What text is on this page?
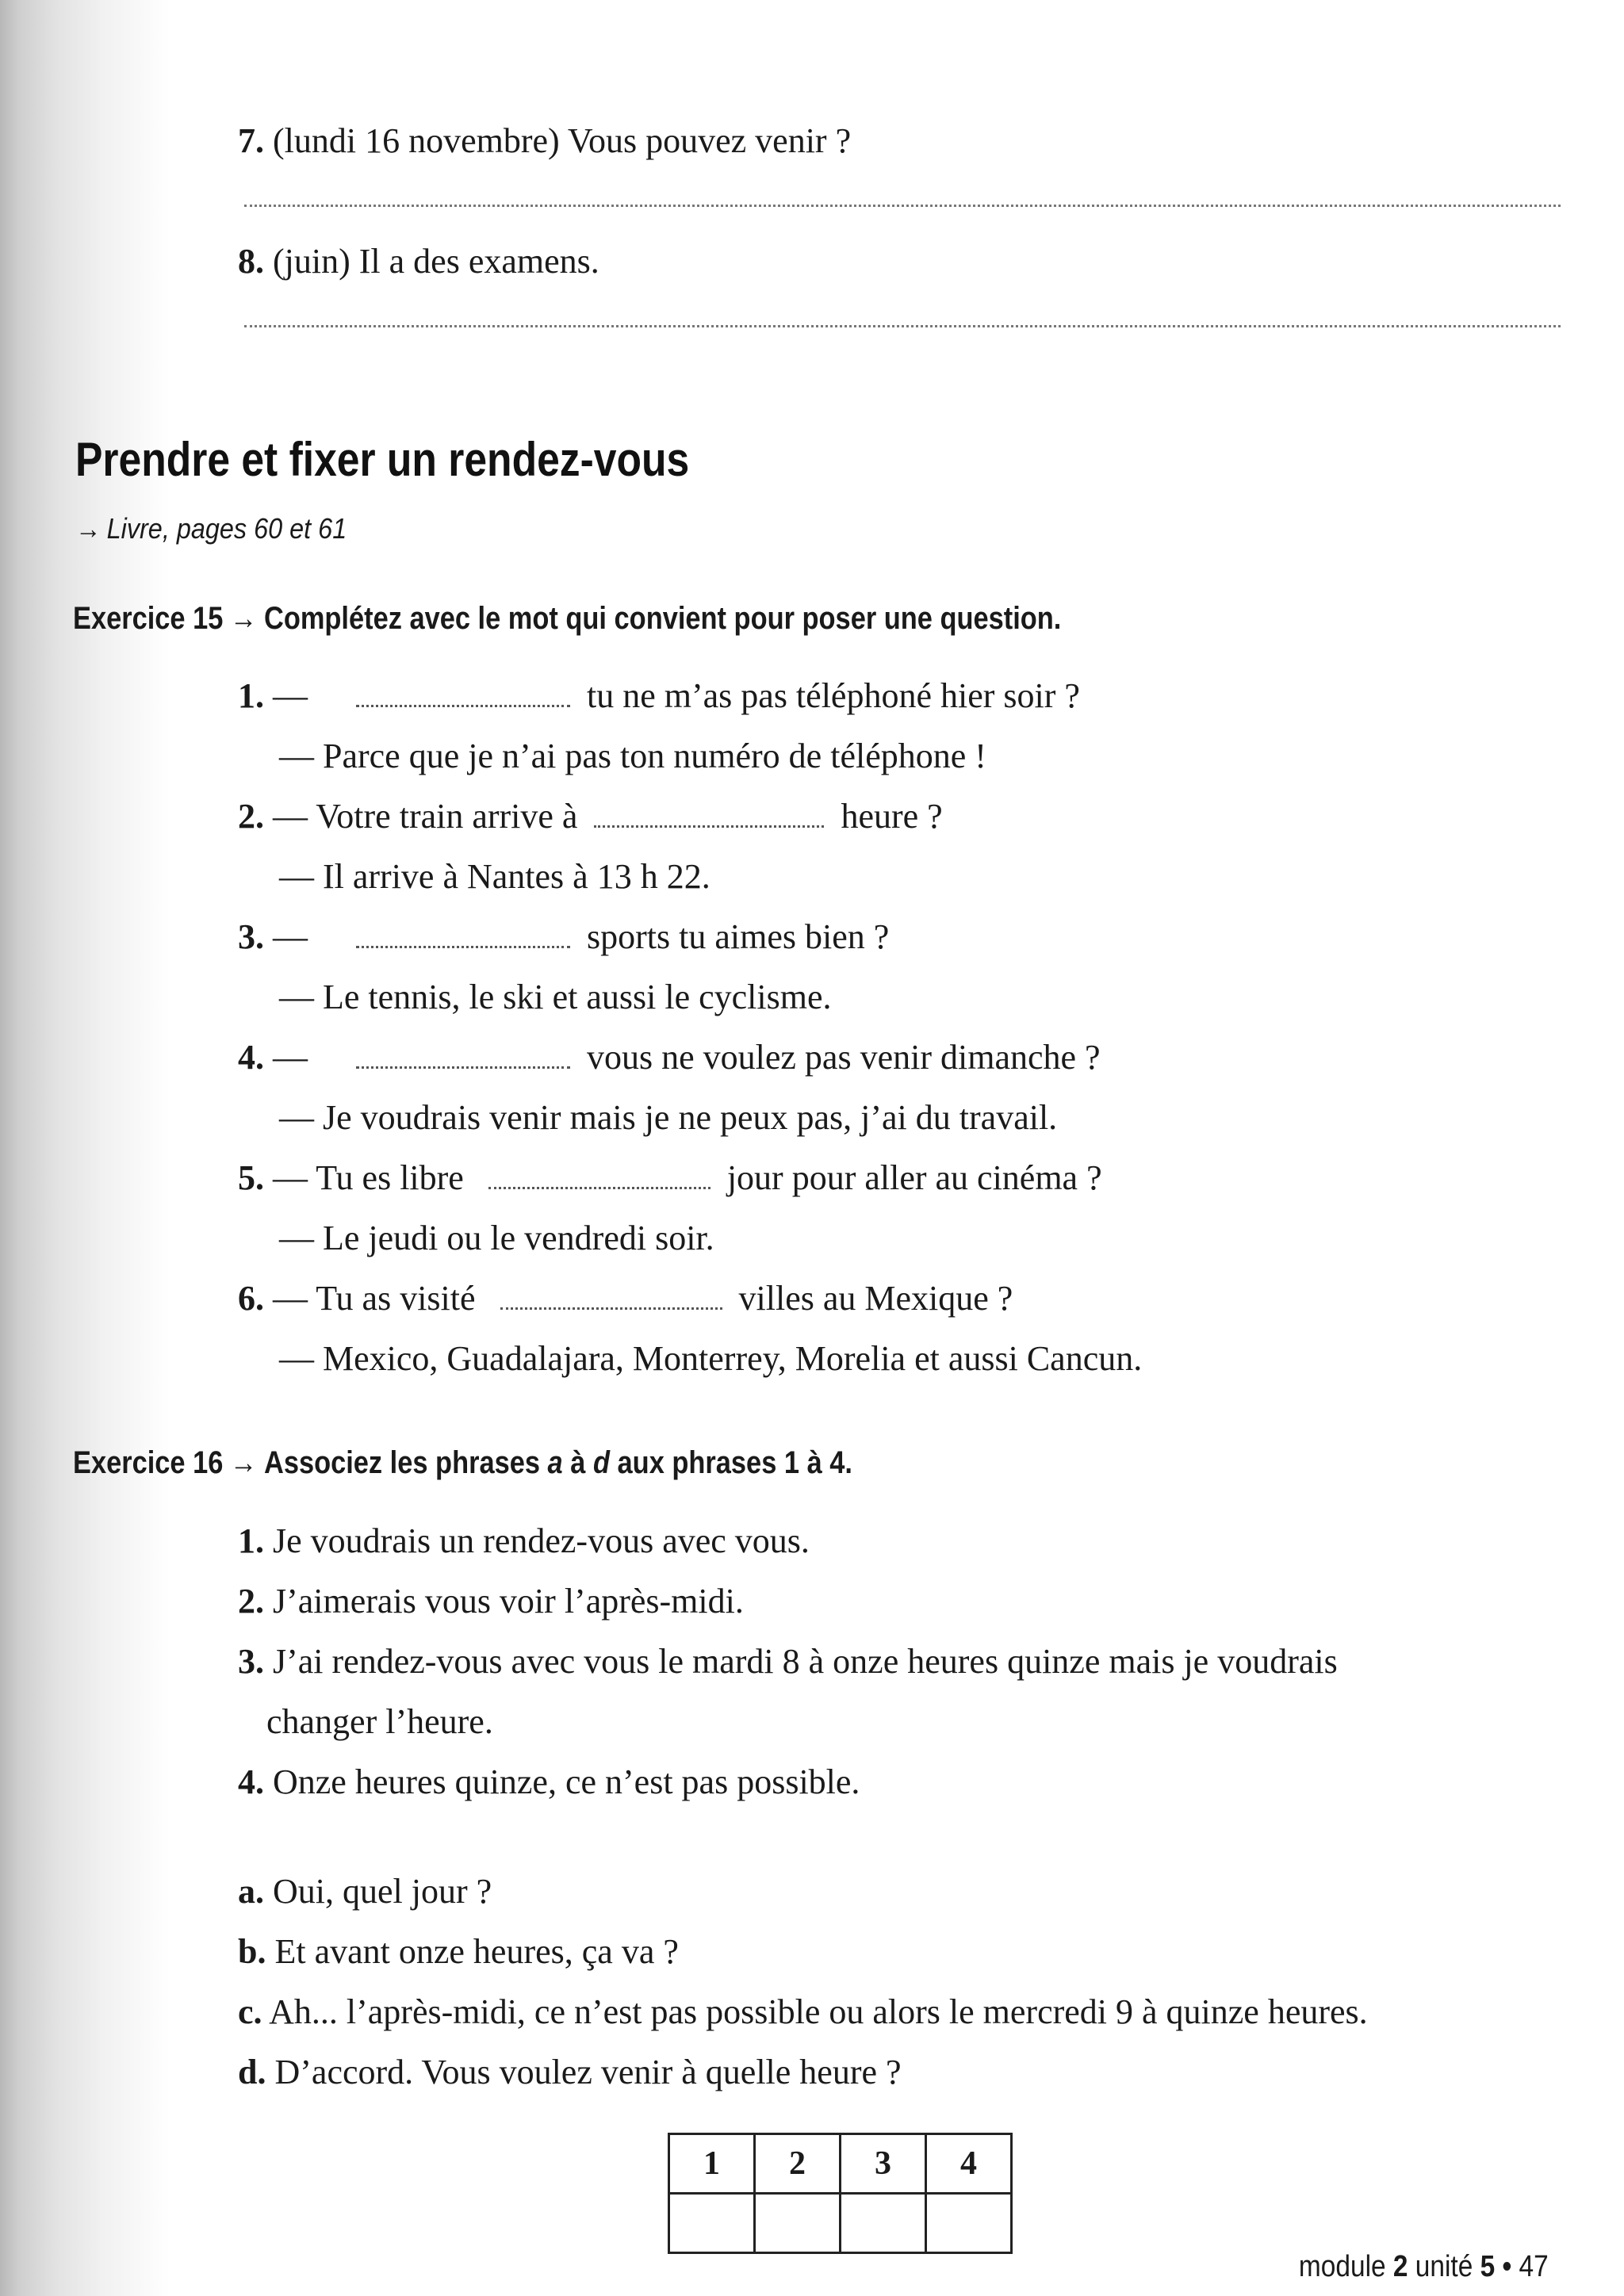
7. (lundi 16 novembre) Vous pouvez venir ?
8. (juin) Il a des examens.
Prendre et fixer un rendez-vous
→ Livre, pages 60 et 61
Exercice 15 → Complétez avec le mot qui convient pour poser une question.
1. —	tu ne m’as pas téléphoné hier soir ?
— Parce que je n’ai pas ton numéro de téléphone !
2. — Votre train arrive à	heure ?
— Il arrive à Nantes à 13 h 22.
3. —	sports tu aimes bien ?
— Le tennis, le ski et aussi le cyclisme.
4. —	vous ne voulez pas venir dimanche ?
— Je voudrais venir mais je ne peux pas, j’ai du travail.
5. — Tu es libre	jour pour aller au cinéma ?
— Le jeudi ou le vendredi soir.
6. — Tu as visité	villes au Mexique ?
— Mexico, Guadalajara, Monterrey, Morelia et aussi Cancun.
Exercice 16 → Associez les phrases a à d aux phrases 1 à 4.
1. Je voudrais un rendez-vous avec vous.
2. J’aimerais vous voir l’après-midi.
3. J’ai rendez-vous avec vous le mardi 8 à onze heures quinze mais je voudrais
changer l’heure.
4. Onze heures quinze, ce n’est pas possible.
a. Oui, quel jour ?
b. Et avant onze heures, ça va ?
c. Ah... l’après-midi, ce n’est pas possible ou alors le mercredi 9 à quinze heures.
d. D’accord. Vous voulez venir à quelle heure ?
1	2	3	4

module 2 unité 5 • 47
